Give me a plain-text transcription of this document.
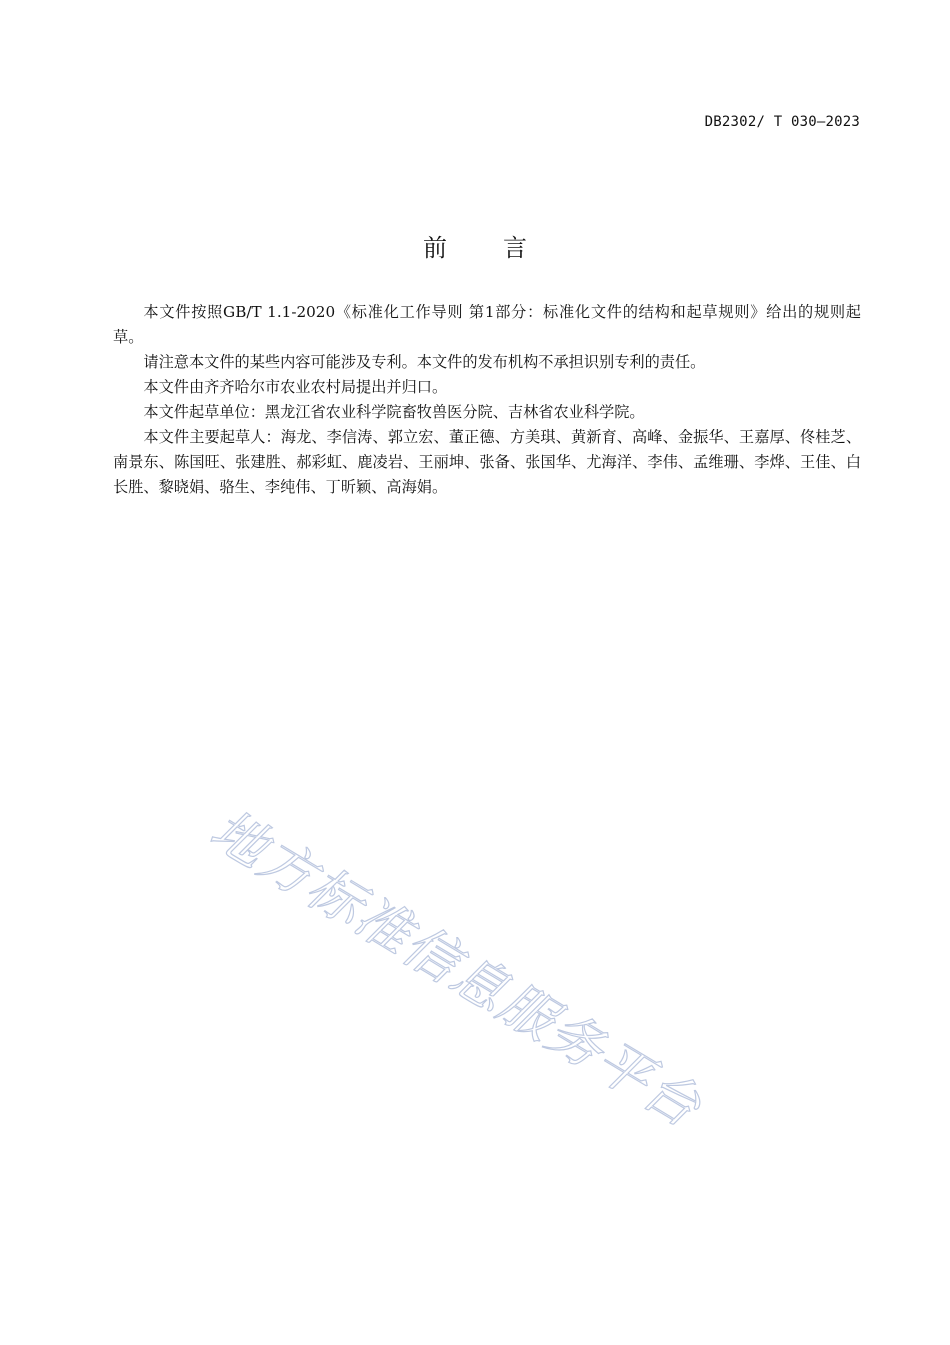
DB2302/ T 030—2023
前言

本文件按照GB/T 1.1-2020《标准化工作导则 第1部分：标准化文件的结构和起草规则》给出的规则起草。

请注意本文件的某些内容可能涉及专利。本文件的发布机构不承担识别专利的责任。

本文件由齐齐哈尔市农业农村局提出并归口。

本文件起草单位：黑龙江省农业科学院畜牧兽医分院、吉林省农业科学院。

本文件主要起草人：海龙、李信涛、郭立宏、董正德、方美琪、黄新育、高峰、金振华、王嘉厚、佟桂芝、南景东、陈国旺、张建胜、郝彩虹、鹿凌岩、王丽坤、张备、张国华、尤海洋、李伟、孟维珊、李烨、王佳、白长胜、黎晓娟、骆生、李纯伟、丁昕颖、高海娟。

地方标准信息服务平台
